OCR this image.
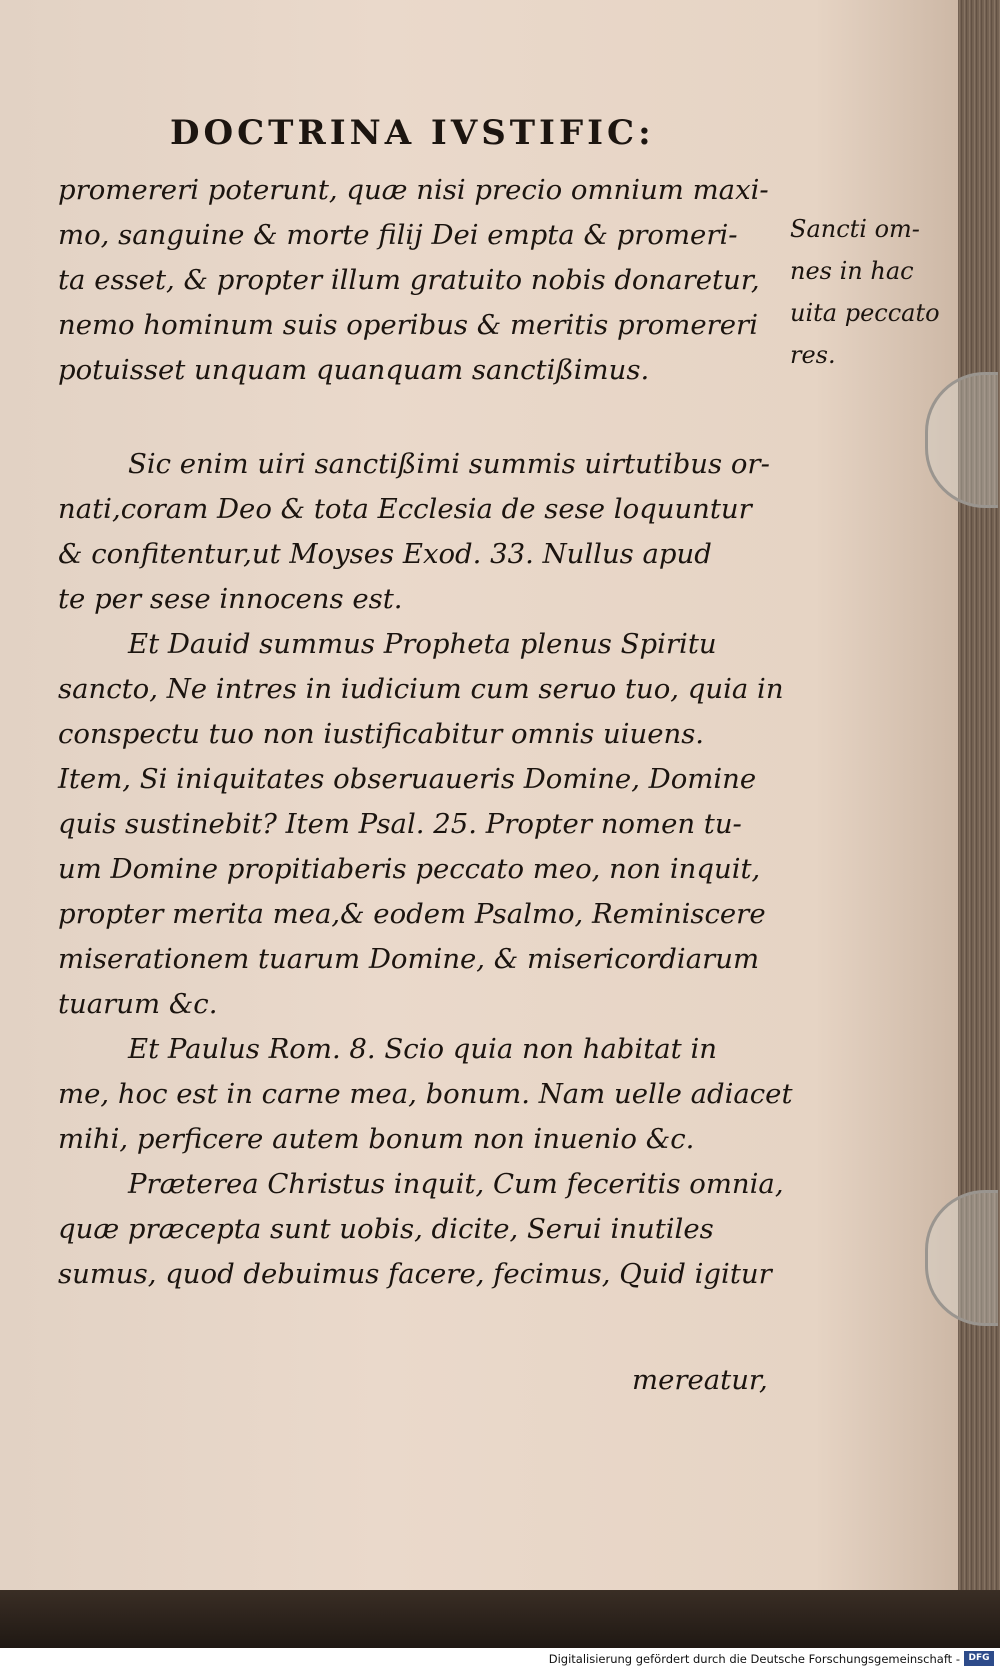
DOCTRINA IVSTIFIC:
promereri poterunt, quæ nisi precio omnium maxi-
mo, sanguine & morte filij Dei empta & promeri-
ta esset, & propter illum gratuito nobis donaretur,
nemo hominum suis operibus & meritis promereri
potuisset unquam quanquam sanctißimus.
Sancti om-
nes in hac
uita peccato
res.
Sic enim uiri sanctißimi summis uirtutibus or-
nati,coram Deo & tota Ecclesia de sese loquuntur
& confitentur,ut Moyses Exod. 33. Nullus apud
te per sese innocens est.
Et Dauid summus Propheta plenus Spiritu
sancto, Ne intres in iudicium cum seruo tuo, quia in
conspectu tuo non iustificabitur omnis uiuens.
Item, Si iniquitates obseruaueris Domine, Domine
quis sustinebit? Item Psal. 25. Propter nomen tu-
um Domine propitiaberis peccato meo, non inquit,
propter merita mea,& eodem Psalmo, Reminiscere
miserationem tuarum Domine, & misericordiarum
tuarum &c.
Et Paulus Rom. 8. Scio quia non habitat in
me, hoc est in carne mea, bonum. Nam uelle adiacet
mihi, perficere autem bonum non inuenio &c.
Præterea Christus inquit, Cum feceritis omnia,
quæ præcepta sunt uobis, dicite, Serui inutiles
sumus, quod debuimus facere, fecimus, Quid igitur
mereatur,
Digitalisierung gefördert durch die Deutsche Forschungsgemeinschaft - DFG
